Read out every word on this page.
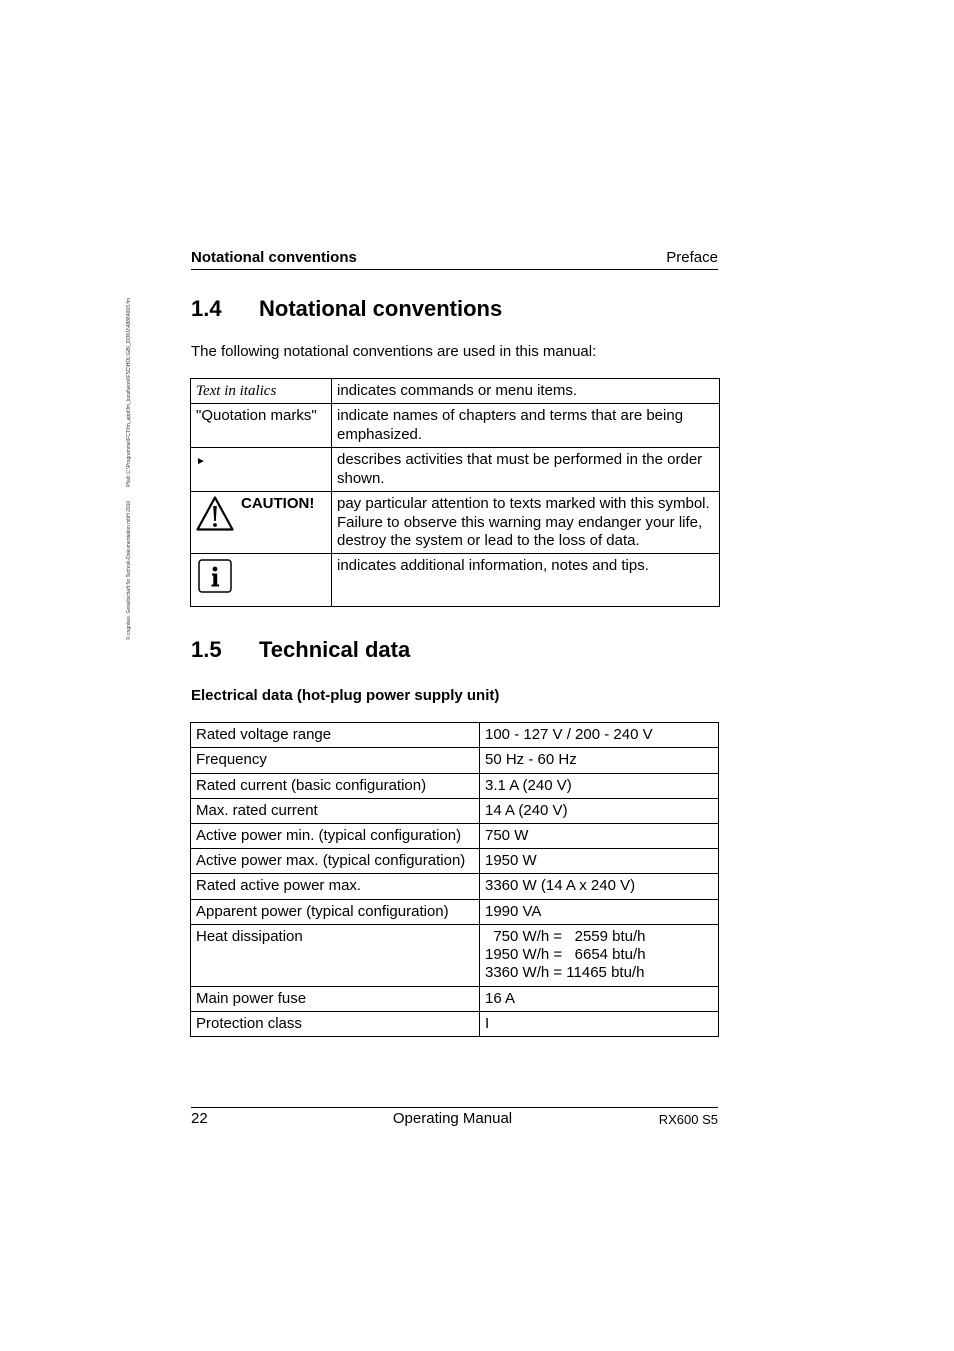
© cognitas. Gesellschaft für Technik-Dokumentation mbH 2010Pfad: C:\Programme\FCT\fm_appl\fm_local\work\FSC\HOL\GB\_DOKU\48884003.fm
Notational conventions	Preface
1.4 Notational conventions
The following notational conventions are used in this manual:
Text in italics	indicates commands or menu items.
"Quotation marks"	indicate names of chapters and terms that are being emphasized.
►	describes activities that must be performed in the order shown.

CAUTION!	pay particular attention to texts marked with this symbol. Failure to observe this warning may endanger your life, destroy the system or lead to the loss of data.

	indicates additional information, notes and tips.
1.5 Technical data
Electrical data (hot-plug power supply unit)
Rated voltage range	100 - 127 V / 200 - 240 V
Frequency	50 Hz - 60 Hz
Rated current (basic configuration)	3.1 A (240 V)
Max. rated current	14 A (240 V)
Active power min. (typical configuration)	750 W
Active power max. (typical configuration)	1950 W
Rated active power max.	3360 W (14 A x 240 V)
Apparent power (typical configuration)	1990 VA
Heat dissipation	750 W/h =   2559 btu/h
1950 W/h =   6654 btu/h
3360 W/h = 11465 btu/h
Main power fuse	16 A
Protection class	I
22	Operating Manual	RX600 S5
